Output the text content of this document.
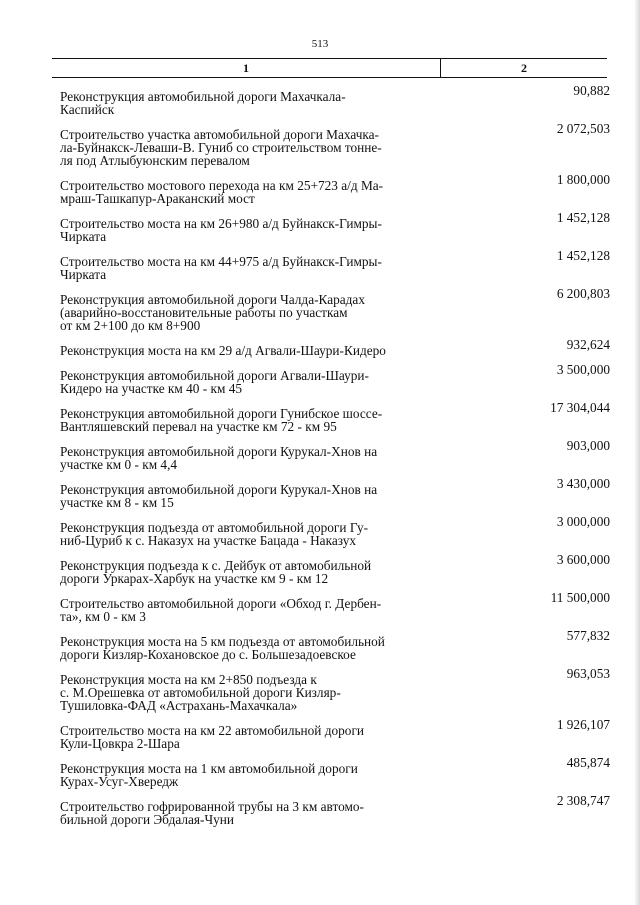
513
1	2
Реконструкция автомобильной дороги Махачкала-
Каспийск
90,882
Строительство участка автомобильной дороги Махачка-
ла-Буйнакск-Леваши-В. Гуниб со строительством тонне-
ля под Атлыбуюнским перевалом
2 072,503
Строительство мостового перехода на км 25+723 а/д Ма-
мраш-Ташкапур-Араканский мост
1 800,000
Строительство моста на км 26+980 а/д Буйнакск-Гимры-
Чирката
1 452,128
Строительство моста на км 44+975 а/д Буйнакск-Гимры-
Чирката
1 452,128
Реконструкция автомобильной дороги Чалда-Карадах
(аварийно-восстановительные работы по участкам
от км 2+100 до км 8+900
6 200,803
Реконструкция моста на км 29 а/д Агвали-Шаури-Кидеро	932,624
Реконструкция автомобильной дороги Агвали-Шаури-
Кидеро на участке км 40 - км 45
3 500,000
Реконструкция автомобильной дороги Гунибское шоссе-
Вантляшевский перевал на участке км 72 - км 95
17 304,044
Реконструкция автомобильной дороги Курукал-Хнов на
участке км 0 - км 4,4
903,000
Реконструкция автомобильной дороги Курукал-Хнов на
участке км 8 - км 15
3 430,000
Реконструкция подъезда от автомобильной дороги Гу-
ниб-Цуриб к с. Наказух на участке Бацада - Наказух
3 000,000
Реконструкция подъезда к с. Дейбук от автомобильной
дороги Уркарах-Харбук на участке км 9 - км 12
3 600,000
Строительство автомобильной дороги «Обход г. Дербен-
та», км 0 - км 3
11 500,000
Реконструкция моста на 5 км подъезда от автомобильной
дороги Кизляр-Кохановское до с. Большезадоевское
577,832
Реконструкция моста на км 2+850 подъезда к
с. М.Орешевка от автомобильной дороги Кизляр-
Тушиловка-ФАД «Астрахань-Махачкала»
963,053
Строительство моста на км 22 автомобильной дороги
Кули-Цовкра 2-Шара
1 926,107
Реконструкция моста на 1 км автомобильной дороги
Курах-Усуг-Хвередж
485,874
Строительство гофрированной трубы на 3 км автомо-
бильной дороги Эбдалая-Чуни
2 308,747
